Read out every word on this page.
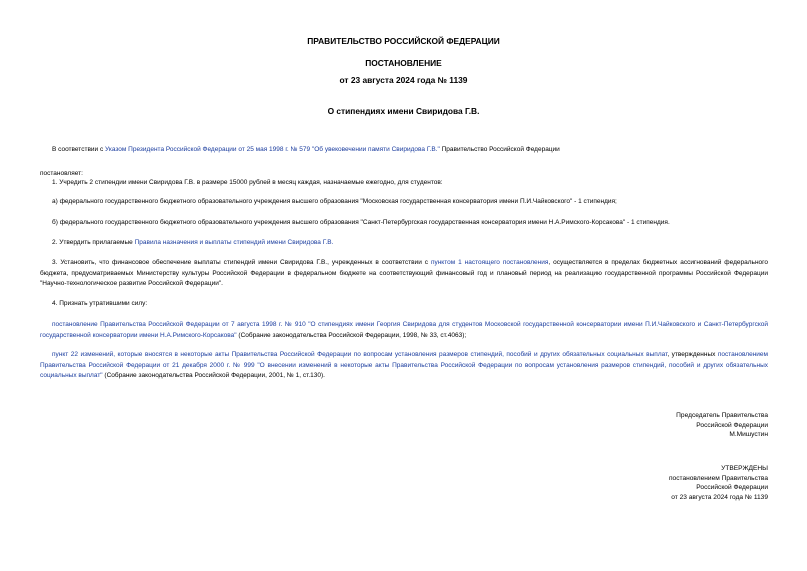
ПРАВИТЕЛЬСТВО РОССИЙСКОЙ ФЕДЕРАЦИИ
ПОСТАНОВЛЕНИЕ
от 23 августа 2024 года № 1139
О стипендиях имени Свиридова Г.В.
В соответствии с Указом Президента Российской Федерации от 25 мая 1998 г. № 579 "Об увековечении памяти Свиридова Г.В." Правительство Российской Федерации
постановляет:
1. Учредить 2 стипендии имени Свиридова Г.В. в размере 15000 рублей в месяц каждая, назначаемые ежегодно, для студентов:
а) федерального государственного бюджетного образовательного учреждения высшего образования "Московская государственная консерватория имени П.И.Чайковского" - 1 стипендия;
б) федерального государственного бюджетного образовательного учреждения высшего образования "Санкт-Петербургская государственная консерватория имени Н.А.Римского-Корсакова" - 1 стипендия.
2. Утвердить прилагаемые Правила назначения и выплаты стипендий имени Свиридова Г.В.
3. Установить, что финансовое обеспечение выплаты стипендий имени Свиридова Г.В., учрежденных в соответствии с пунктом 1 настоящего постановления, осуществляется в пределах бюджетных ассигнований федерального бюджета, предусматриваемых Министерству культуры Российской Федерации в федеральном бюджете на соответствующий финансовый год и плановый период на реализацию государственной программы Российской Федерации "Научно-технологическое развитие Российской Федерации".
4. Признать утратившими силу:
постановление Правительства Российской Федерации от 7 августа 1998 г. № 910 "О стипендиях имени Георгия Свиридова для студентов Московской государственной консерватории имени П.И.Чайковского и Санкт-Петербургской государственной консерватории имени Н.А.Римского-Корсакова" (Собрание законодательства Российской Федерации, 1998, № 33, ст.4063);
пункт 22 изменений, которые вносятся в некоторые акты Правительства Российской Федерации по вопросам установления размеров стипендий, пособий и других обязательных социальных выплат, утвержденных постановлением Правительства Российской Федерации от 21 декабря 2000 г. № 999 "О внесении изменений в некоторые акты Правительства Российской Федерации по вопросам установления размеров стипендий, пособий и других обязательных социальных выплат" (Собрание законодательства Российской Федерации, 2001, № 1, ст.130).
Председатель Правительства
Российской Федерации
М.Мишустин
УТВЕРЖДЕНЫ
постановлением Правительства
Российской Федерации
от 23 августа 2024 года № 1139
